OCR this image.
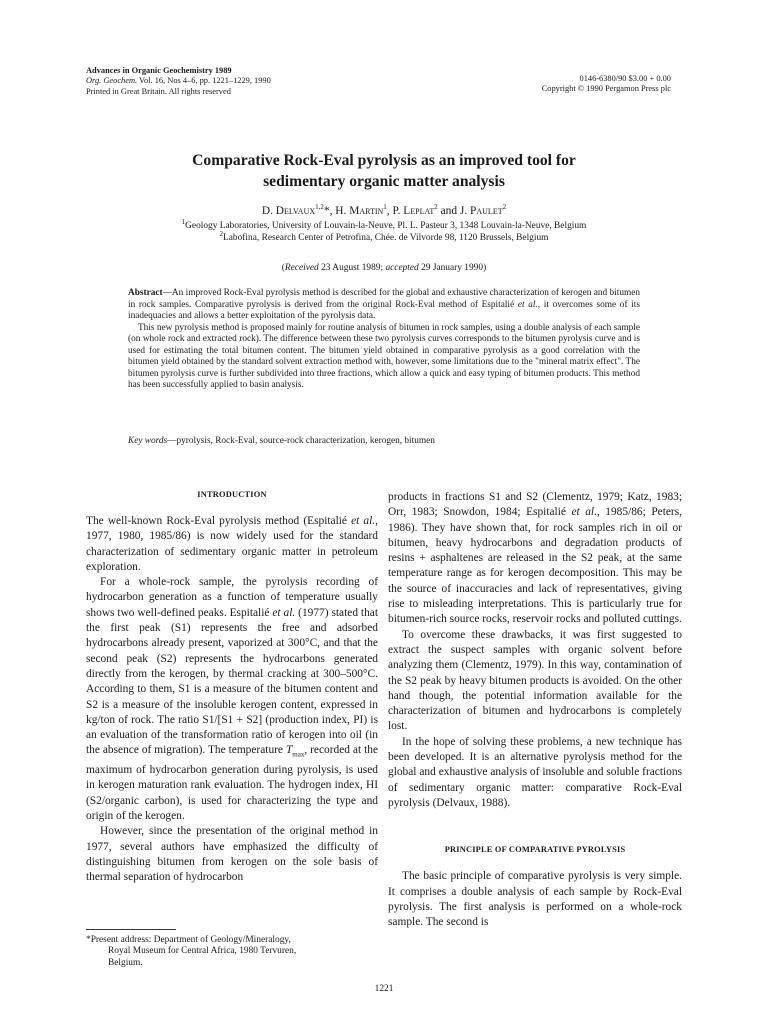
Advances in Organic Geochemistry 1989
Org. Geochem. Vol. 16, Nos 4–6, pp. 1221–1229, 1990
Printed in Great Britain. All rights reserved
0146-6380/90 $3.00 + 0.00
Copyright © 1990 Pergamon Press plc
Comparative Rock-Eval pyrolysis as an improved tool for
sedimentary organic matter analysis
D. Delvaux$^{1,2}$*, H. Martin$^1$, P. Leplat$^2$ and J. Paulet$^2$
$^1$Geology Laboratories, University of Louvain-la-Neuve, Pl. L. Pasteur 3, 1348 Louvain-la-Neuve, Belgium
$^2$Labofina, Research Center of Petrofina, Chée. de Vilvorde 98, 1120 Brussels, Belgium
(Received 23 August 1989; accepted 29 January 1990)

Abstract—An improved Rock-Eval pyrolysis method is described for the global and exhaustive characterization of kerogen and bitumen in rock samples. Comparative pyrolysis is derived from the original Rock-Eval method of Espitalié et al., it overcomes some of its inadequacies and allows a better exploitation of the pyrolysis data.

This new pyrolysis method is proposed mainly for routine analysis of bitumen in rock samples, using a double analysis of each sample (on whole rock and extracted rock). The difference between these two pyrolysis curves corresponds to the bitumen pyrolysis curve and is used for estimating the total bitumen content. The bitumen yield obtained in comparative pyrolysis as a good correlation with the bitumen yield obtained by the standard solvent extraction method with, however, some limitations due to the "mineral matrix effect". The bitumen pyrolysis curve is further subdivided into three fractions, which allow a quick and easy typing of bitumen products. This method has been successfully applied to basin analysis.

Key words—pyrolysis, Rock-Eval, source-rock characterization, kerogen, bitumen
INTRODUCTION

The well-known Rock-Eval pyrolysis method (Espitalié et al., 1977, 1980, 1985/86) is now widely used for the standard characterization of sedimentary organic matter in petroleum exploration.

For a whole-rock sample, the pyrolysis recording of hydrocarbon generation as a function of temperature usually shows two well-defined peaks. Espitalié et al. (1977) stated that the first peak (S1) represents the free and adsorbed hydrocarbons already present, vaporized at 300°C, and that the second peak (S2) represents the hydrocarbons generated directly from the kerogen, by thermal cracking at 300–500°C. According to them, S1 is a measure of the bitumen content and S2 is a measure of the insoluble kerogen content, expressed in kg/ton of rock. The ratio S1/[S1 + S2] (production index, PI) is an evaluation of the transformation ratio of kerogen into oil (in the absence of migration). The temperature $T_{max}$, recorded at the maximum of hydrocarbon generation during pyrolysis, is used in kerogen maturation rank evaluation. The hydrogen index, HI (S2/organic carbon), is used for characterizing the type and origin of the kerogen.

However, since the presentation of the original method in 1977, several authors have emphasized the difficulty of distinguishing bitumen from kerogen on the sole basis of thermal separation of hydrocarbon

products in fractions S1 and S2 (Clementz, 1979; Katz, 1983; Orr, 1983; Snowdon, 1984; Espitalié et al., 1985/86; Peters, 1986). They have shown that, for rock samples rich in oil or bitumen, heavy hydrocarbons and degradation products of resins + asphaltenes are released in the S2 peak, at the same temperature range as for kerogen decomposition. This may be the source of inaccuracies and lack of representatives, giving rise to misleading interpretations. This is particularly true for bitumen-rich source rocks, reservoir rocks and polluted cuttings.

To overcome these drawbacks, it was first suggested to extract the suspect samples with organic solvent before analyzing them (Clementz, 1979). In this way, contamination of the S2 peak by heavy bitumen products is avoided. On the other hand though, the potential information available for the characterization of bitumen and hydrocarbons is completely lost.

In the hope of solving these problems, a new technique has been developed. It is an alternative pyrolysis method for the global and exhaustive analysis of insoluble and soluble fractions of sedimentary organic matter: comparative Rock-Eval pyrolysis (Delvaux, 1988).

PRINCIPLE OF COMPARATIVE PYROLYSIS

The basic principle of comparative pyrolysis is very simple. It comprises a double analysis of each sample by Rock-Eval pyrolysis. The first analysis is performed on a whole-rock sample. The second is

*Present address: Department of Geology/Mineralogy,
Royal Museum for Central Africa, 1980 Tervuren,
Belgium.
1221
